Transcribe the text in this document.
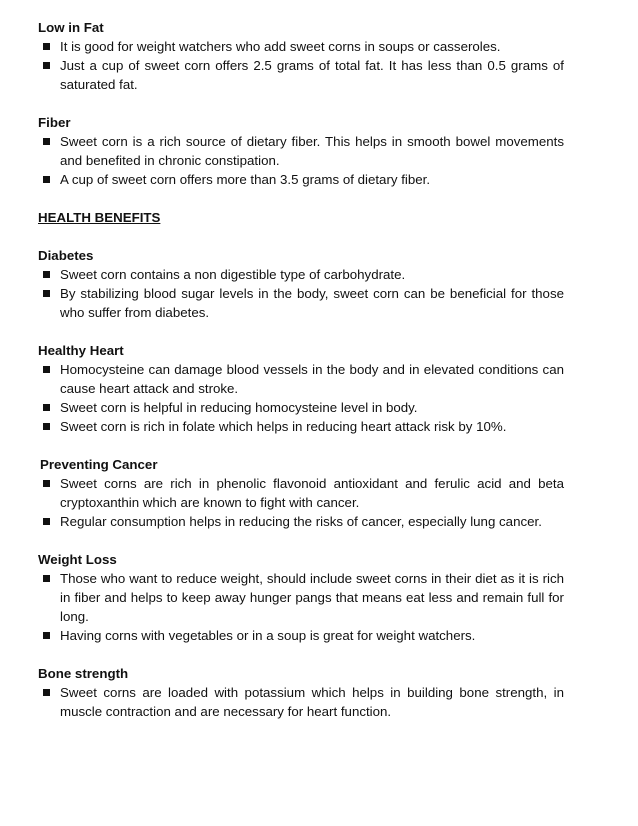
Low in Fat

It is good for weight watchers who add sweet corns in soups or casseroles.
Just a cup of sweet corn offers 2.5 grams of total fat. It has less than 0.5 grams of saturated fat.

Fiber

Sweet corn is a rich source of dietary fiber. This helps in smooth bowel movements and benefited in chronic constipation.
A cup of sweet corn offers more than 3.5 grams of dietary fiber.

HEALTH BENEFITS

Diabetes

Sweet corn contains a non digestible type of carbohydrate.
By stabilizing blood sugar levels in the body, sweet corn can be beneficial for those who suffer from diabetes.

Healthy Heart

Homocysteine can damage blood vessels in the body and in elevated conditions can cause heart attack and stroke.
Sweet corn is helpful in reducing homocysteine level in body.
Sweet corn is rich in folate which helps in reducing heart attack risk by 10%.

Preventing Cancer

Sweet corns are rich in phenolic flavonoid antioxidant and ferulic acid and beta cryptoxanthin which are known to fight with cancer.
Regular consumption helps in reducing the risks of cancer, especially lung cancer.

Weight Loss

Those who want to reduce weight, should include sweet corns in their diet as it is rich in fiber and helps to keep away hunger pangs that means eat less and remain full for long.
Having corns with vegetables or in a soup is great for weight watchers.

Bone strength

Sweet corns are loaded with potassium which helps in building bone strength, in muscle contraction and are necessary for heart function.
